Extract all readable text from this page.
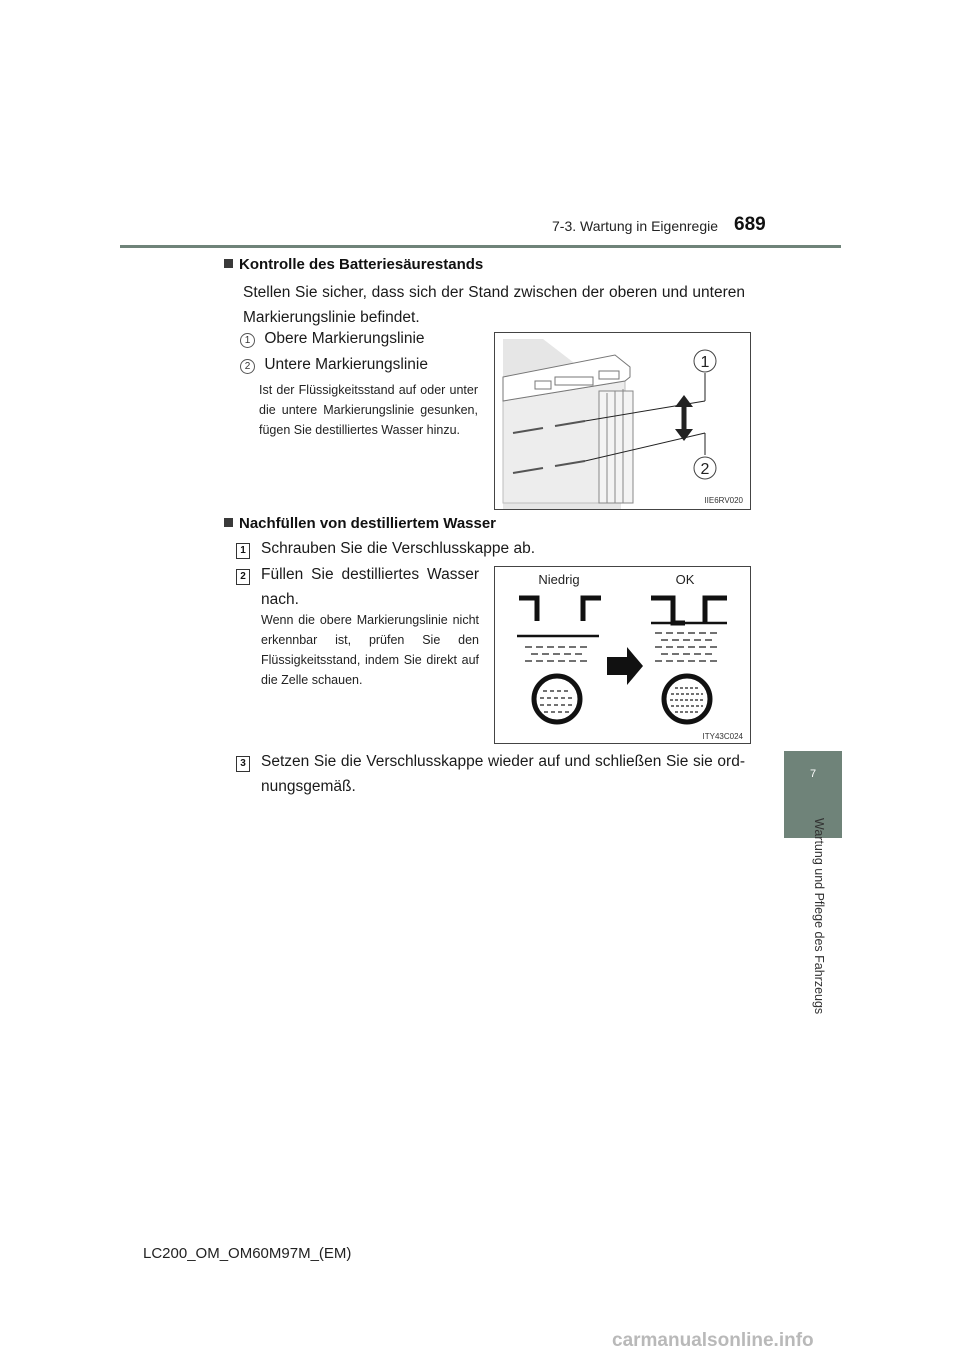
7-3. Wartung in Eigenregie 689
7
Wartung und Pflege des Fahrzeugs
Kontrolle des Batteriesäurestands
Stellen Sie sicher, dass sich der Stand zwischen der oberen und unteren Markierungslinie befindet.
1 Obere Markierungslinie
2 Untere Markierungslinie
Ist der Flüssigkeitsstand auf oder unter die untere Markierungslinie gesunken, fügen Sie destilliertes Wasser hinzu.
1
2
IIE6RV020
Nachfüllen von destilliertem Wasser
1 Schrauben Sie die Verschlusskappe ab.
2 Füllen Sie destilliertes Wasser nach.
Wenn die obere Markierungslinie nicht erkennbar ist, prüfen Sie den Flüssigkeitsstand, indem Sie direkt auf die Zelle schauen.
Niedrig	OK
ITY43C024
3 Setzen Sie die Verschlusskappe wieder auf und schließen Sie sie ord-nungsgemäß.
LC200_OM_OM60M97M_(EM)
carmanualsonline.info
